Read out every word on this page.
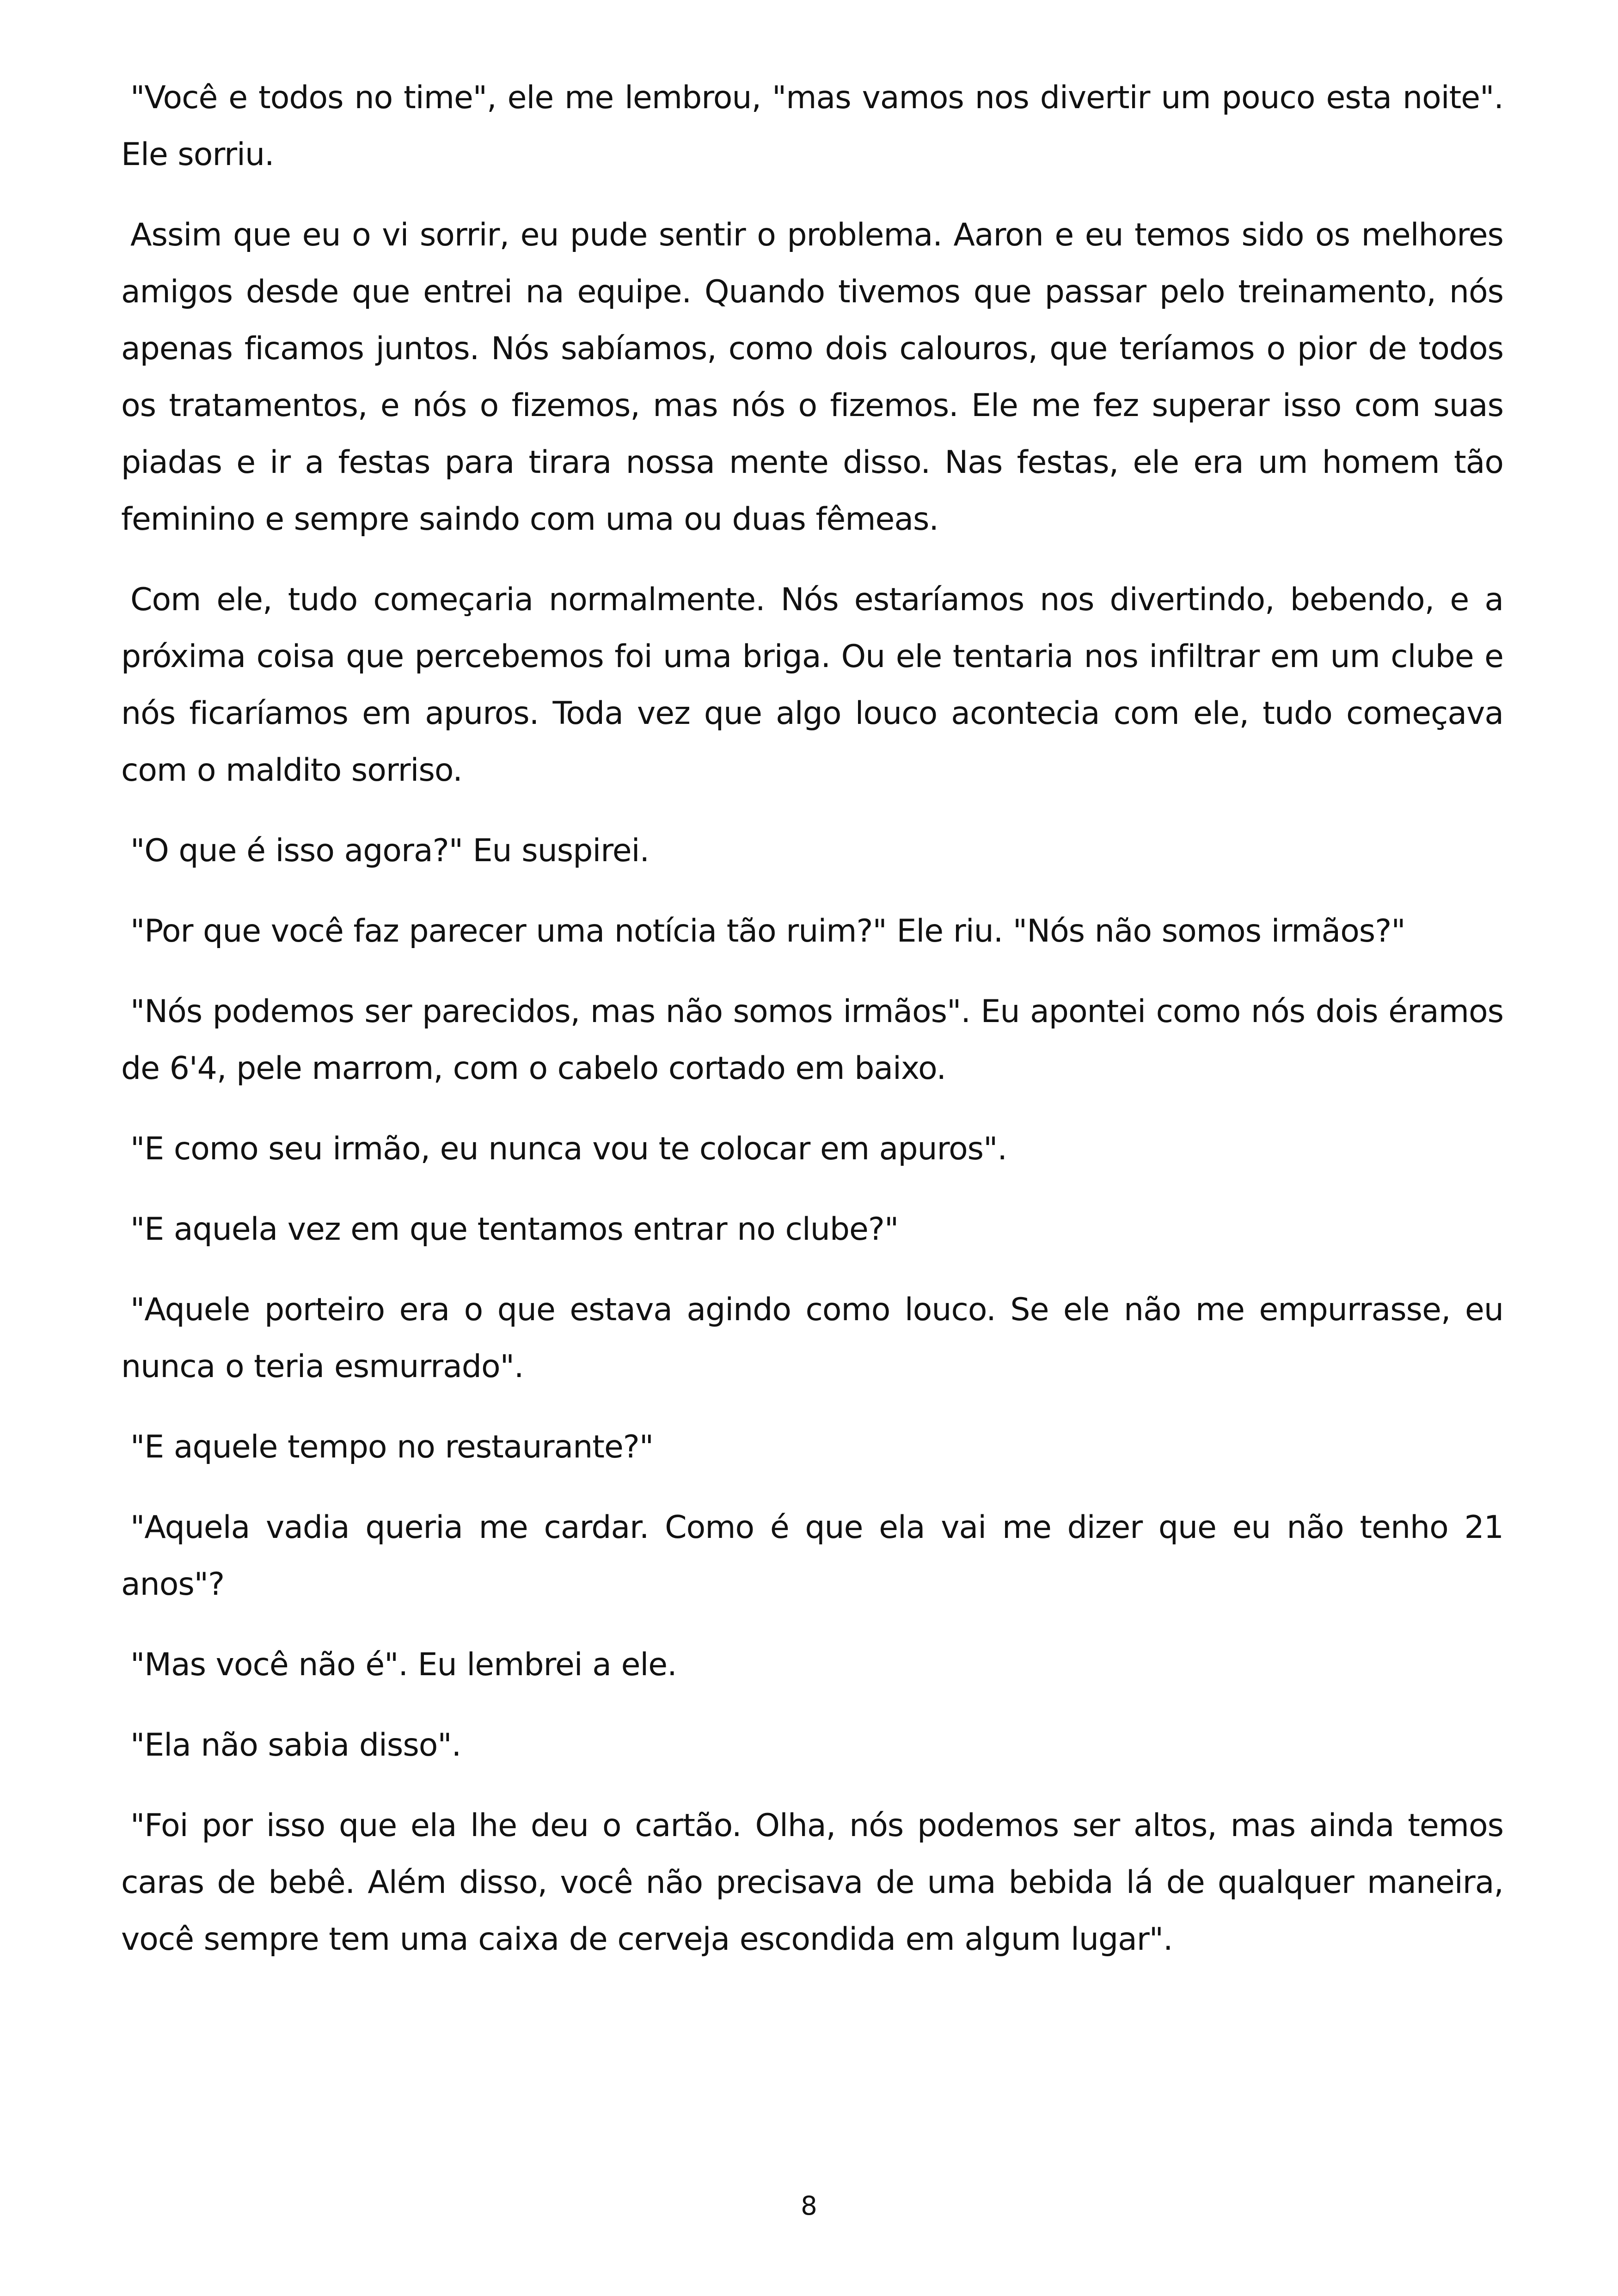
"Você e todos no time", ele me lembrou, "mas vamos nos divertir um pouco esta noite". Ele sorriu.

Assim que eu o vi sorrir, eu pude sentir o problema. Aaron e eu temos sido os melhores amigos desde que entrei na equipe. Quando tivemos que passar pelo treinamento, nós apenas ficamos juntos. Nós sabíamos, como dois calouros, que teríamos o pior de todos os tratamentos, e nós o fizemos, mas nós o fizemos. Ele me fez superar isso com suas piadas e ir a festas para tirara nossa mente disso. Nas festas, ele era um homem tão feminino e sempre saindo com uma ou duas fêmeas.

Com ele, tudo começaria normalmente. Nós estaríamos nos divertindo, bebendo, e a próxima coisa que percebemos foi uma briga. Ou ele tentaria nos infiltrar em um clube e nós ficaríamos em apuros. Toda vez que algo louco acontecia com ele, tudo começava com o maldito sorriso.

"O que é isso agora?" Eu suspirei.

"Por que você faz parecer uma notícia tão ruim?" Ele riu. "Nós não somos irmãos?"

"Nós podemos ser parecidos, mas não somos irmãos". Eu apontei como nós dois éramos de 6'4, pele marrom, com o cabelo cortado em baixo.

"E como seu irmão, eu nunca vou te colocar em apuros".

"E aquela vez em que tentamos entrar no clube?"

"Aquele porteiro era o que estava agindo como louco. Se ele não me empurrasse, eu nunca o teria esmurrado".

"E aquele tempo no restaurante?"

"Aquela vadia queria me cardar. Como é que ela vai me dizer que eu não tenho 21 anos"?

"Mas você não é". Eu lembrei a ele.

"Ela não sabia disso".

"Foi por isso que ela lhe deu o cartão. Olha, nós podemos ser altos, mas ainda temos caras de bebê. Além disso, você não precisava de uma bebida lá de qualquer maneira, você sempre tem uma caixa de cerveja escondida em algum lugar".

8
